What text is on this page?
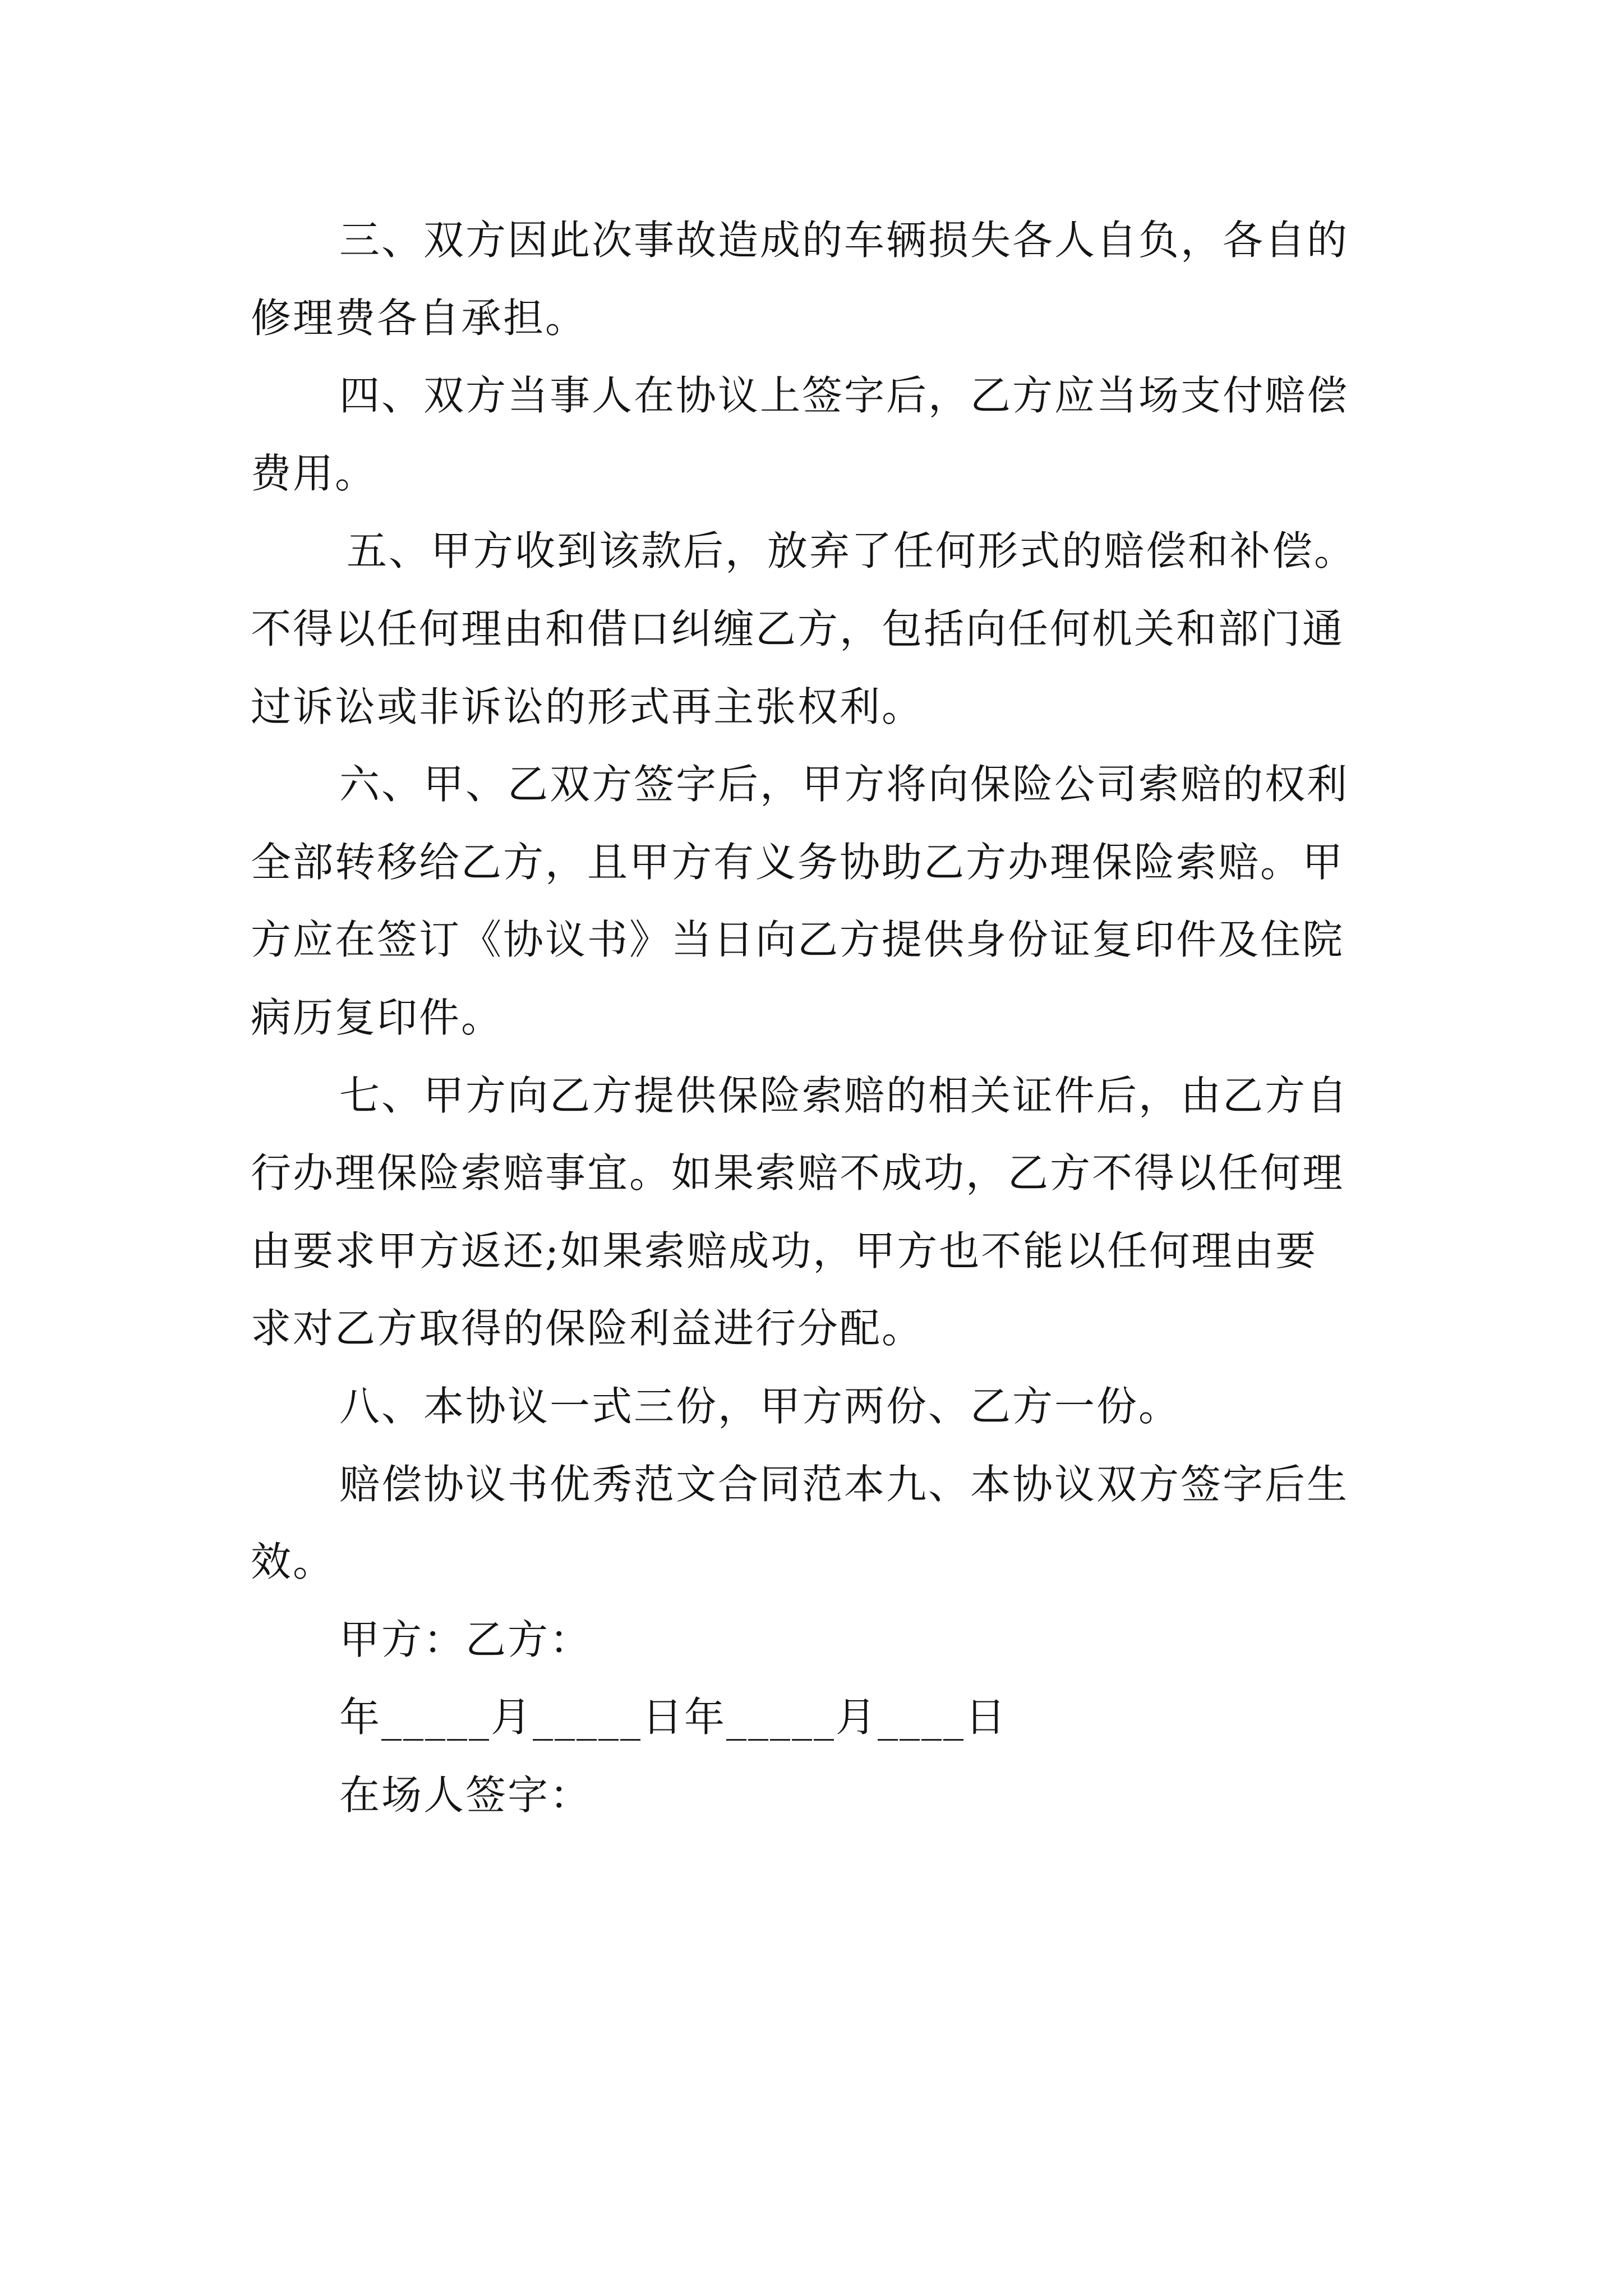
三、双方因此次事故造成的车辆损失各人自负，各自的
修理费各自承担。
四、双方当事人在协议上签字后，乙方应当场支付赔偿
费用。
五、甲方收到该款后，放弃了任何形式的赔偿和补偿。
不得以任何理由和借口纠缠乙方，包括向任何机关和部门通
过诉讼或非诉讼的形式再主张权利。
六、甲、乙双方签字后，甲方将向保险公司索赔的权利
全部转移给乙方，且甲方有义务协助乙方办理保险索赔。甲
方应在签订《协议书》当日向乙方提供身份证复印件及住院
病历复印件。
七、甲方向乙方提供保险索赔的相关证件后，由乙方自
行办理保险索赔事宜。如果索赔不成功，乙方不得以任何理
由要求甲方返还;如果索赔成功，甲方也不能以任何理由要
求对乙方取得的保险利益进行分配。
八、本协议一式三份，甲方两份、乙方一份。
赔偿协议书优秀范文合同范本九、本协议双方签字后生
效。
甲方：乙方：
年_____月_____日年_____月____日
在场人签字：
